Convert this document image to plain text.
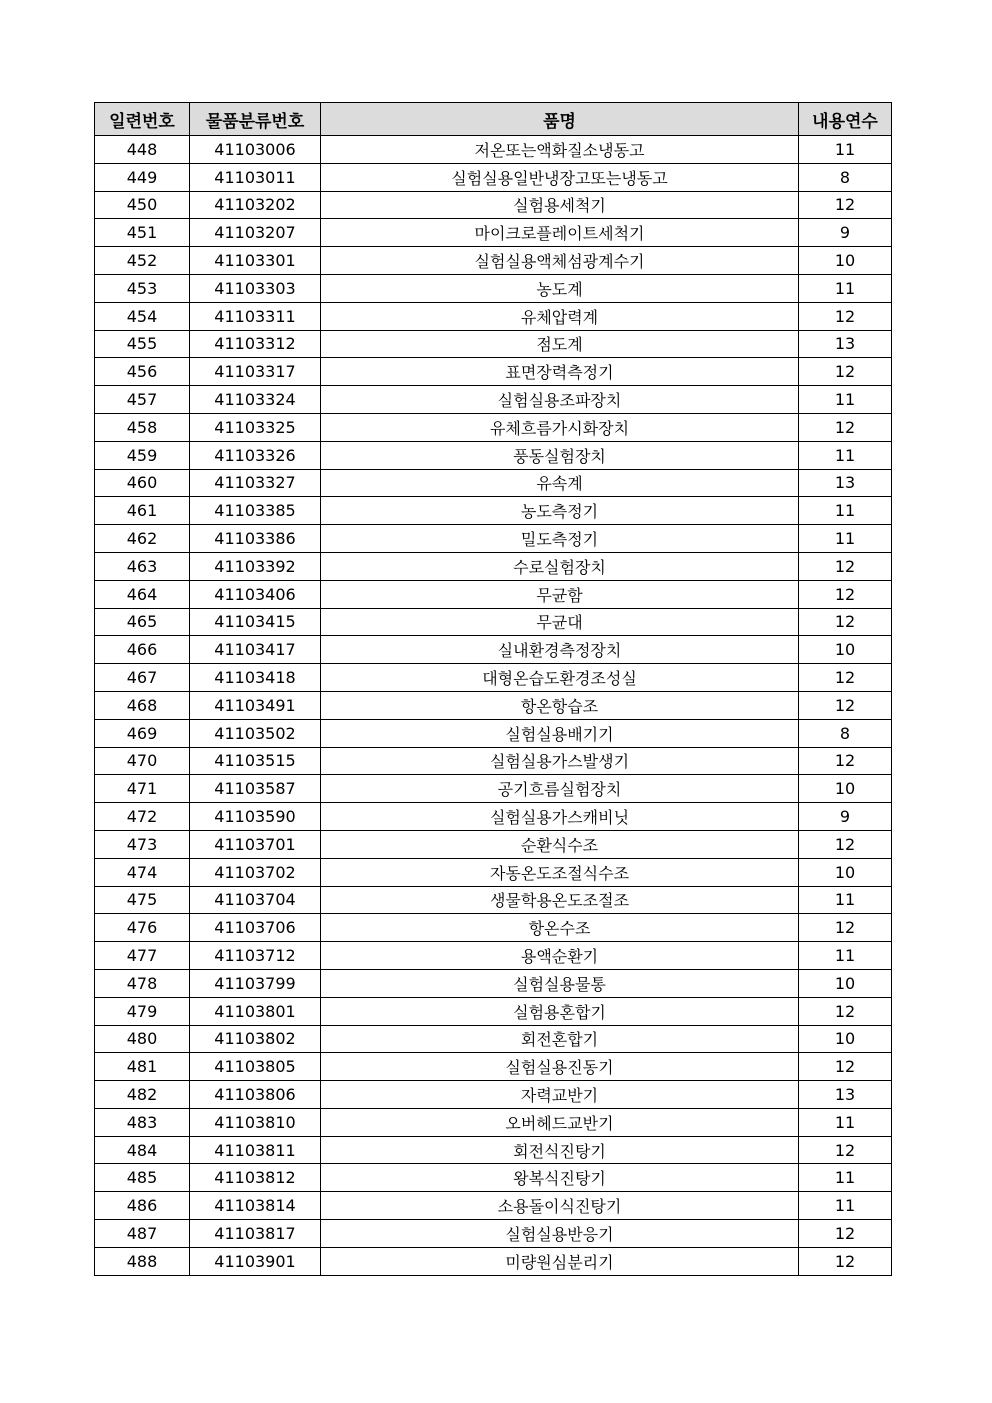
일련번호	물품분류번호	품명	내용연수
448	41103006	저온또는액화질소냉동고	11
449	41103011	실험실용일반냉장고또는냉동고	8
450	41103202	실험용세척기	12
451	41103207	마이크로플레이트세척기	9
452	41103301	실험실용액체섬광계수기	10
453	41103303	농도계	11
454	41103311	유체압력계	12
455	41103312	점도계	13
456	41103317	표면장력측정기	12
457	41103324	실험실용조파장치	11
458	41103325	유체흐름가시화장치	12
459	41103326	풍동실험장치	11
460	41103327	유속계	13
461	41103385	농도측정기	11
462	41103386	밀도측정기	11
463	41103392	수로실험장치	12
464	41103406	무균함	12
465	41103415	무균대	12
466	41103417	실내환경측정장치	10
467	41103418	대형온습도환경조성실	12
468	41103491	항온항습조	12
469	41103502	실험실용배기기	8
470	41103515	실험실용가스발생기	12
471	41103587	공기흐름실험장치	10
472	41103590	실험실용가스캐비닛	9
473	41103701	순환식수조	12
474	41103702	자동온도조절식수조	10
475	41103704	생물학용온도조절조	11
476	41103706	항온수조	12
477	41103712	용액순환기	11
478	41103799	실험실용물통	10
479	41103801	실험용혼합기	12
480	41103802	회전혼합기	10
481	41103805	실험실용진동기	12
482	41103806	자력교반기	13
483	41103810	오버헤드교반기	11
484	41103811	회전식진탕기	12
485	41103812	왕복식진탕기	11
486	41103814	소용돌이식진탕기	11
487	41103817	실험실용반응기	12
488	41103901	미량원심분리기	12
